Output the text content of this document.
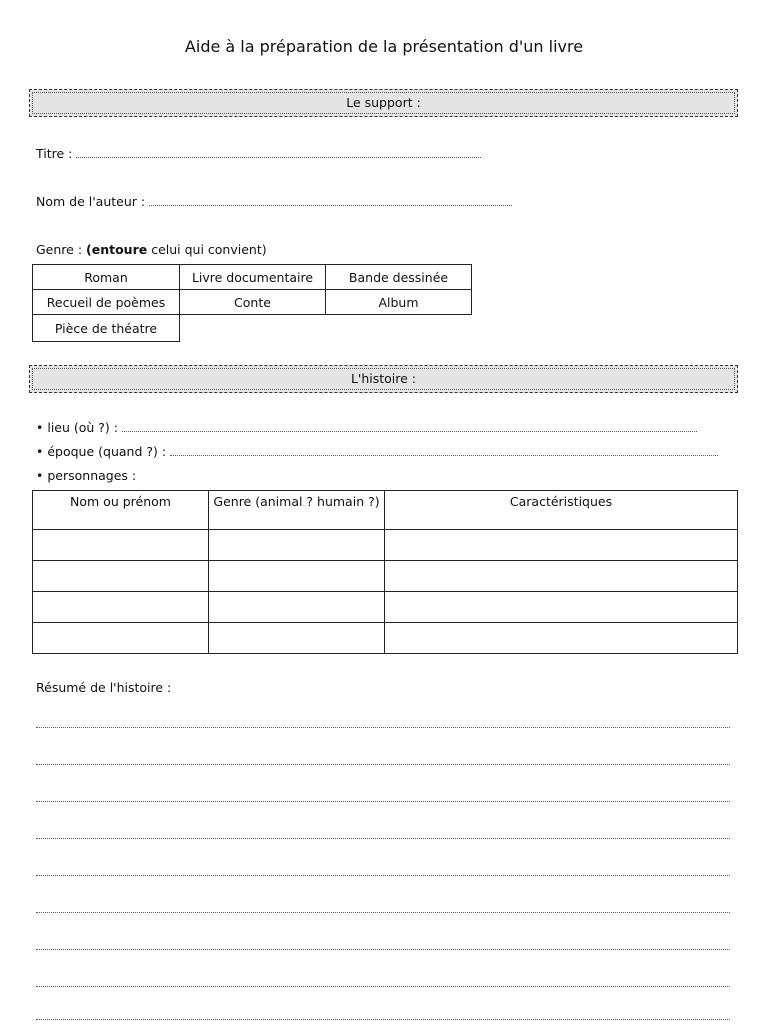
Aide à la préparation de la présentation d'un livre
Le support :
Titre :
Nom de l'auteur :
Genre : (entoure celui qui convient)
Roman	Livre documentaire	Bande dessinée
Recueil de poèmes	Conte	Album
Pièce de théatre		
L'histoire :
• lieu (où ?) :
• époque (quand ?) :
• personnages :
Nom ou prénom	Genre (animal ? humain ?)	Caractéristiques

Résumé de l'histoire :
